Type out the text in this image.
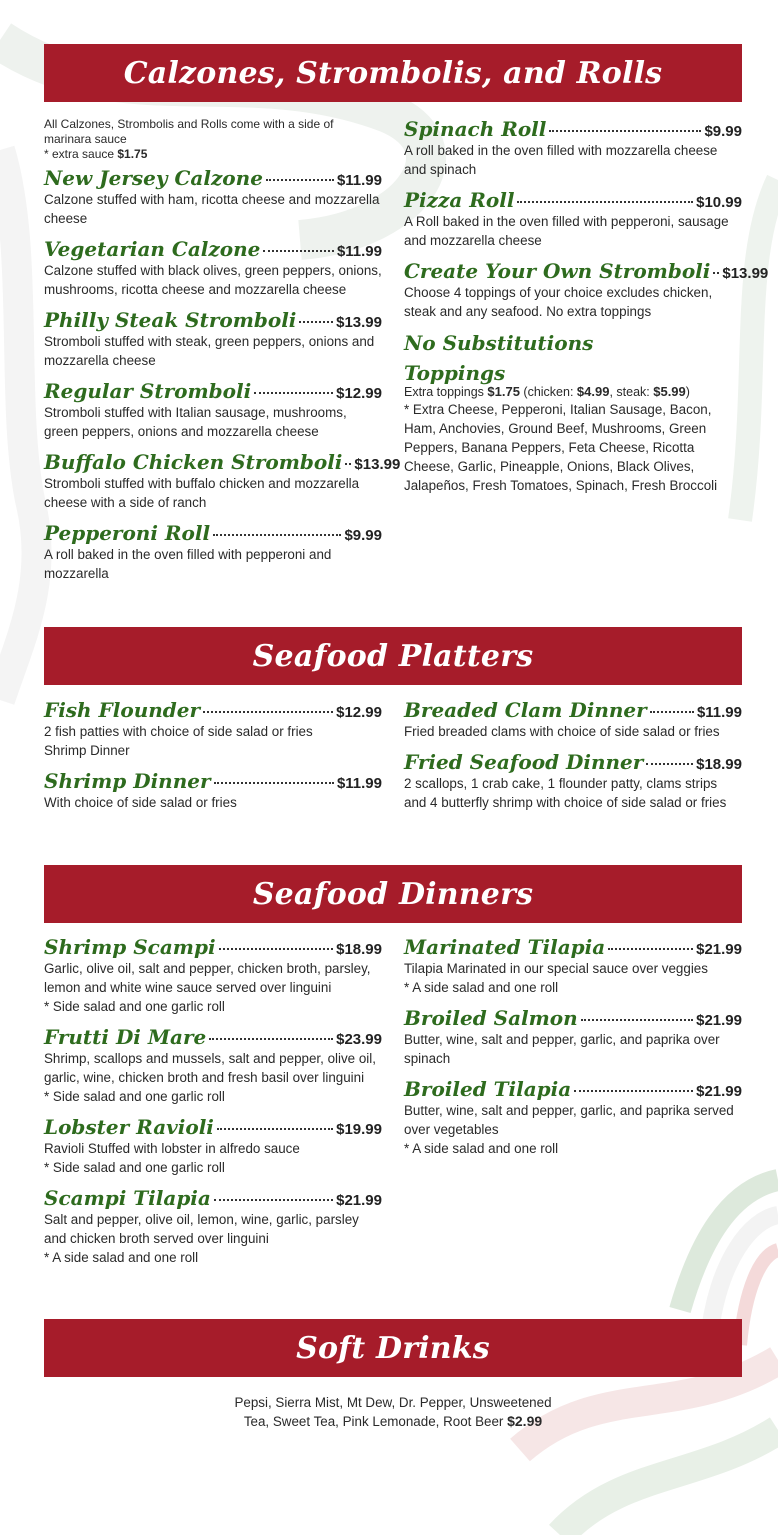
Calzones, Strombolis, and Rolls
All Calzones, Strombolis and Rolls come with a side of marinara sauce
* extra sauce $1.75
New Jersey Calzone	$11.99
Calzone stuffed with ham, ricotta cheese and mozzarella cheese
Vegetarian Calzone	$11.99
Calzone stuffed with black olives, green peppers, onions, mushrooms, ricotta cheese and mozzarella cheese
Philly Steak Stromboli	$13.99
Stromboli stuffed with steak, green peppers, onions and mozzarella cheese
Regular Stromboli	$12.99
Stromboli stuffed with Italian sausage, mushrooms, green peppers, onions and mozzarella cheese
Buffalo Chicken Stromboli $13.99
Stromboli stuffed with buffalo chicken and mozzarella cheese with a side of ranch
Pepperoni Roll	$9.99
A roll baked in the oven filled with pepperoni and mozzarella
Spinach Roll	$9.99
A roll baked in the oven filled with mozzarella cheese and spinach
Pizza Roll	$10.99
A Roll baked in the oven filled with pepperoni, sausage and mozzarella cheese
Create Your Own Stromboli $13.99
Choose 4 toppings of your choice excludes chicken, steak and any seafood. No extra toppings
No Substitutions
Toppings
Extra toppings $1.75 (chicken: $4.99, steak: $5.99)
* Extra Cheese, Pepperoni, Italian Sausage, Bacon, Ham, Anchovies, Ground Beef, Mushrooms, Green Peppers, Banana Peppers, Feta Cheese, Ricotta Cheese, Garlic, Pineapple, Onions, Black Olives, Jalapeños, Fresh Tomatoes, Spinach, Fresh Broccoli
Seafood Platters
Fish Flounder	$12.99
2 fish patties with choice of side salad or fries
Shrimp Dinner
Shrimp Dinner	$11.99
With choice of side salad or fries
Breaded Clam Dinner	$11.99
Fried breaded clams with choice of side salad or fries
Fried Seafood Dinner	$18.99
2 scallops, 1 crab cake, 1 flounder patty, clams strips and 4 butterfly shrimp with choice of side salad or fries
Seafood Dinners
Shrimp Scampi	$18.99
Garlic, olive oil, salt and pepper, chicken broth, parsley, lemon and white wine sauce served over linguini
* Side salad and one garlic roll
Frutti Di Mare	$23.99
Shrimp, scallops and mussels, salt and pepper, olive oil, garlic, wine, chicken broth and fresh basil over linguini
* Side salad and one garlic roll
Lobster Ravioli	$19.99
Ravioli Stuffed with lobster in alfredo sauce
* Side salad and one garlic roll
Scampi Tilapia	$21.99
Salt and pepper, olive oil, lemon, wine, garlic, parsley and chicken broth served over linguini
* A side salad and one roll
Marinated Tilapia	$21.99
Tilapia Marinated in our special sauce over veggies
* A side salad and one roll
Broiled Salmon	$21.99
Butter, wine, salt and pepper, garlic, and paprika over spinach
Broiled Tilapia	$21.99
Butter, wine, salt and pepper, garlic, and paprika served over vegetables
* A side salad and one roll
Soft Drinks
Pepsi, Sierra Mist, Mt Dew, Dr. Pepper, Unsweetened
Tea, Sweet Tea, Pink Lemonade, Root Beer $2.99
